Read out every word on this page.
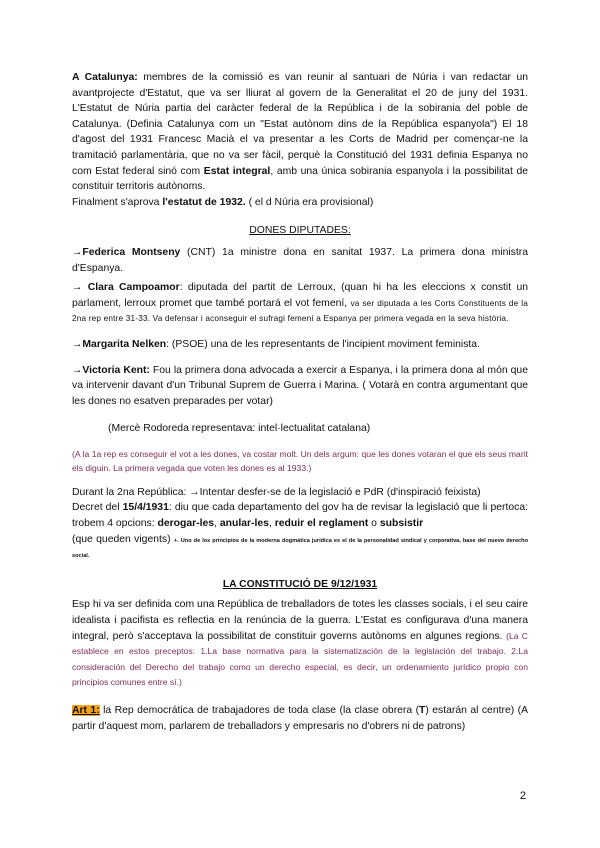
A Catalunya: membres de la comissió es van reunir al santuari de Núria i van redactar un avantprojecte d'Estatut, que va ser lliurat al govern de la Generalitat el 20 de juny del 1931. L'Estatut de Núria partia del caràcter federal de la República i de la sobirania del poble de Catalunya. (Definia Catalunya com un "Estat autònom dins de la República espanyola") El 18 d'agost del 1931 Francesc Macià el va presentar a les Corts de Madrid per començar-ne la tramitació parlamentària, que no va ser fàcil, perquè la Constitució del 1931 definia Espanya no com Estat federal sinó com Estat integral, amb una única sobirania espanyola i la possibilitat de constituir territoris autònoms.

Finalment s'aprova l'estatut de 1932. ( el d Núria era provisional)

DONES DIPUTADES:

→Federica Montseny (CNT) 1a ministre dona en sanitat 1937. La primera dona ministra d'Espanya.

→ Clara Campoamor: diputada del partit de Lerroux, (quan hi ha les eleccions x constit un parlament, lerroux promet que també portará el vot femení, va ser diputada a les Corts Constituents de la 2na rep entre 31-33. Va defensar i aconseguir el sufragi femení a Espanya per primera vegada en la seva història.

→Margarita Nelken: (PSOE) una de les representants de l'incipient moviment feminista.

→Victoria Kent: Fou la primera dona advocada a exercir a Espanya, i la primera dona al món que va intervenir davant d'un Tribunal Suprem de Guerra i Marina. ( Votarà en contra argumentant que les dones no esatven preparades per votar)

(Mercè Rodoreda representava: intel·lectualitat catalana)

(A la 1a rep es conseguir el vot a les dones, va costar molt. Un dels argum: que les dones votaran el que els seus marit els diguin. La primera vegada que voten les dones es al 1933.)

Durant la 2na República: →Intentar desfer-se de la legislació e PdR (d'inspiració feixista)

Decret del 15/4/1931: diu que cada departamento del gov ha de revisar la legislació que li pertoca: trobem 4 opcions: derogar-les, anular-les, reduir el reglament o subsistir

(que queden vigents) +. Uno de los principios de la moderna dogmática jurídica es el de la personalidad sindical y corporativa, base del nuevo derecho social.

LA CONSTITUCIÓ DE 9/12/1931

Esp hi va ser definida com una República de treballadors de totes les classes socials, i el seu caire idealista i pacifista es reflectia en la renúncia de la guerra. L'Estat es configurava d'una manera integral, però s'acceptava la possibilitat de constituir governs autònoms en algunes regions. (La C establece en estos preceptos: 1.La base normativa para la sistematización de la legislación del trabajo. 2.La consideración del Derecho del trabajo como un derecho especial, es decir, un ordenamiento jurídico propio con principios comunes entre sí.)

Art 1: la Rep democrática de trabajadores de toda clase (la clase obrera (T) estarán al centre) (A partir d'aquest mom, parlarem de treballadors y empresaris no d'obrers ni de patrons)

2
